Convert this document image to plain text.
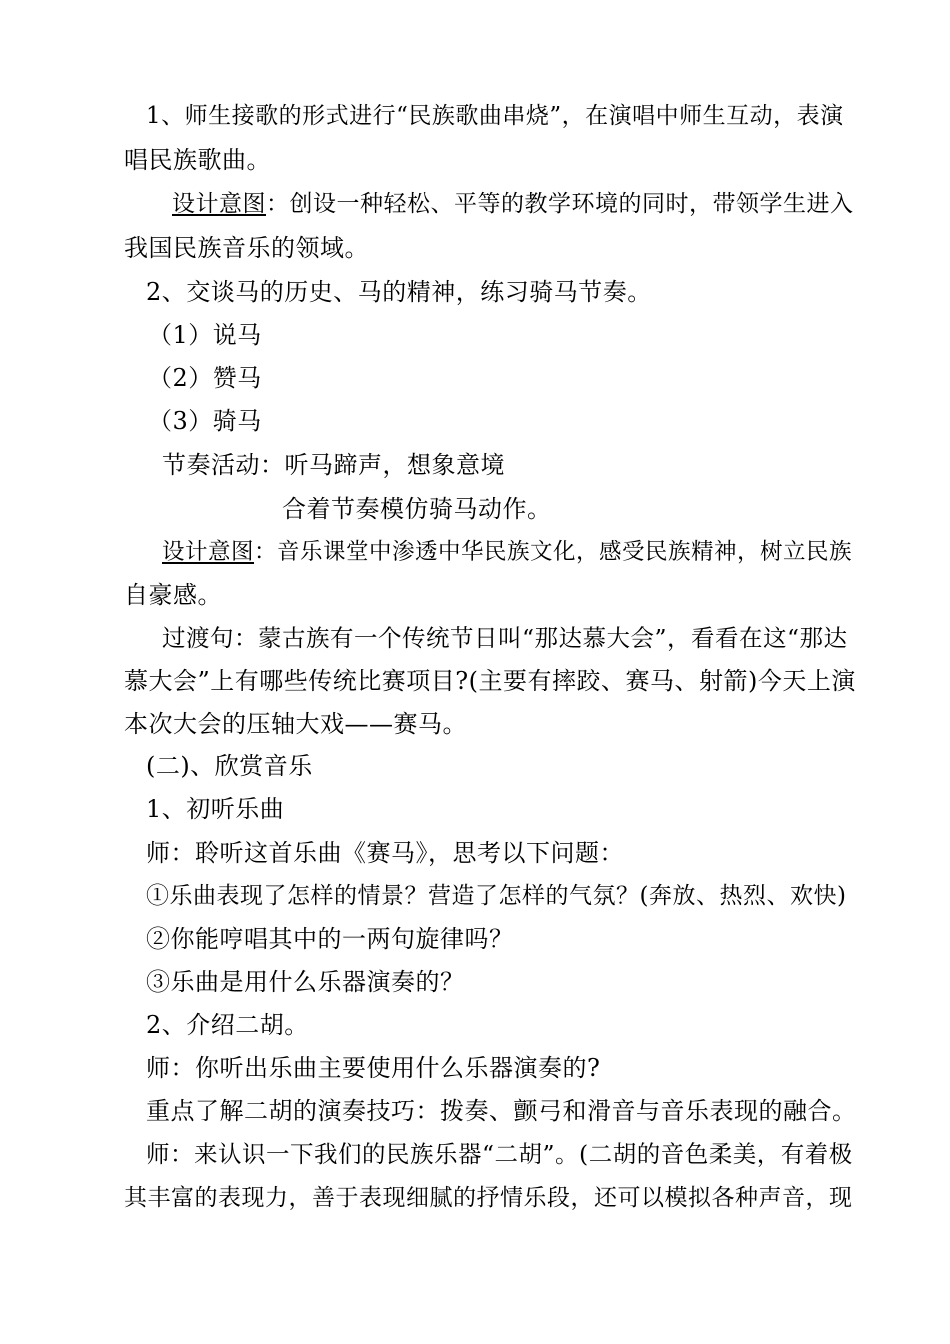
1、师生接歌的形式进行“民族歌曲串烧”，在演唱中师生互动，表演
唱民族歌曲。
设计意图：创设一种轻松、平等的教学环境的同时，带领学生进入
我国民族音乐的领域。
2、交谈马的历史、马的精神，练习骑马节奏。
（1）说马
（2）赞马
（3）骑马
节奏活动：听马蹄声，想象意境
合着节奏模仿骑马动作。
设计意图：音乐课堂中渗透中华民族文化，感受民族精神，树立民族
自豪感。
过渡句：蒙古族有一个传统节日叫“那达慕大会”，看看在这“那达
慕大会”上有哪些传统比赛项目?(主要有摔跤、赛马、射箭)今天上演
本次大会的压轴大戏——赛马。
(二)、欣赏音乐
1、初听乐曲
师：聆听这首乐曲《赛马》，思考以下问题：
①乐曲表现了怎样的情景？营造了怎样的气氛？(奔放、热烈、欢快)
②你能哼唱其中的一两句旋律吗？
③乐曲是用什么乐器演奏的？
2、介绍二胡。
师：你听出乐曲主要使用什么乐器演奏的?
重点了解二胡的演奏技巧：拨奏、颤弓和滑音与音乐表现的融合。
师：来认识一下我们的民族乐器“二胡”。(二胡的音色柔美，有着极
其丰富的表现力，善于表现细腻的抒情乐段，还可以模拟各种声音，现
